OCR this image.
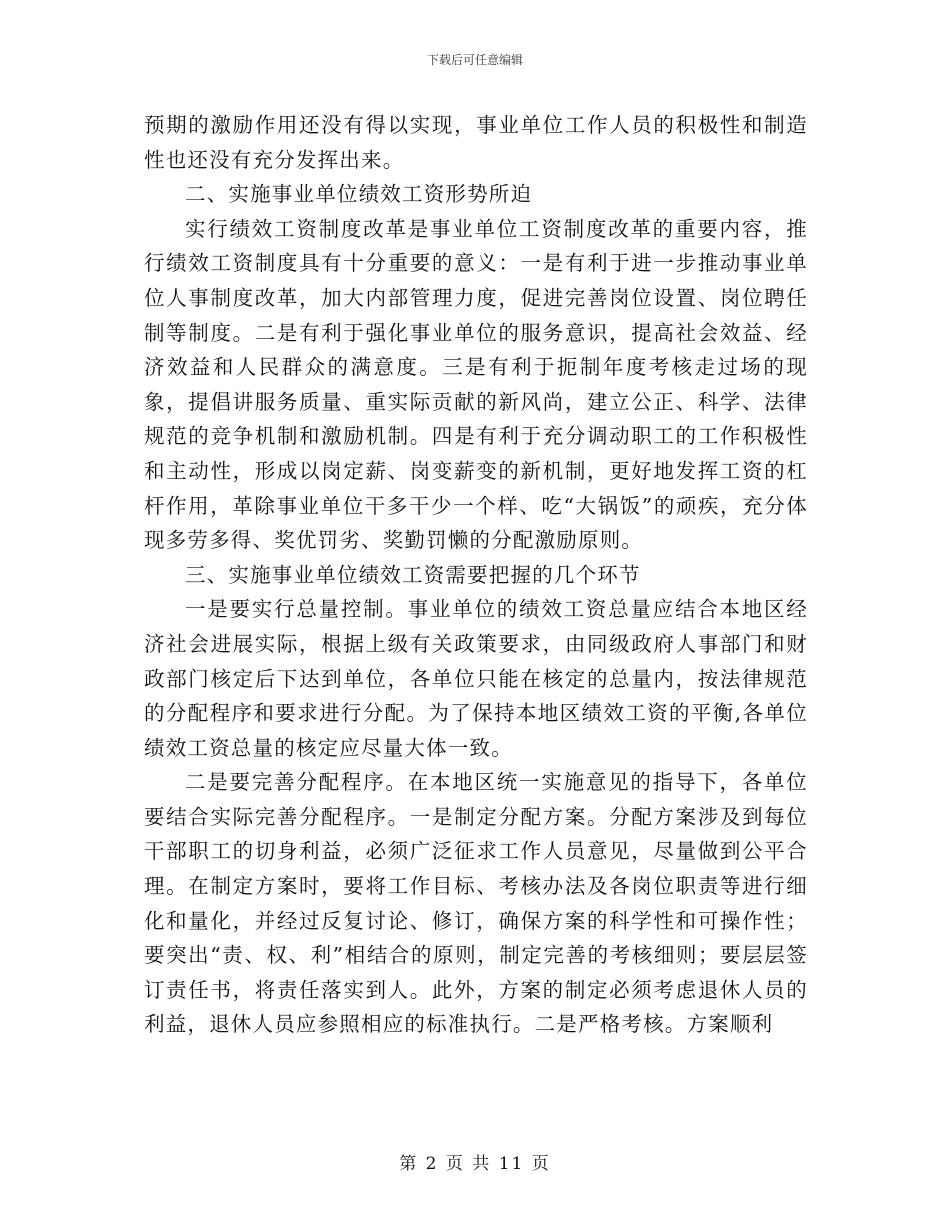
下载后可任意编辑

预期的激励作用还没有得以实现，事业单位工作人员的积极性和制造性也还没有充分发挥出来。

二、实施事业单位绩效工资形势所迫

实行绩效工资制度改革是事业单位工资制度改革的重要内容，推行绩效工资制度具有十分重要的意义：一是有利于进一步推动事业单位人事制度改革，加大内部管理力度，促进完善岗位设置、岗位聘任制等制度。二是有利于强化事业单位的服务意识，提高社会效益、经济效益和人民群众的满意度。三是有利于扼制年度考核走过场的现象，提倡讲服务质量、重实际贡献的新风尚，建立公正、科学、法律规范的竞争机制和激励机制。四是有利于充分调动职工的工作积极性和主动性，形成以岗定薪、岗变薪变的新机制，更好地发挥工资的杠杆作用，革除事业单位干多干少一个样、吃“大锅饭”的顽疾，充分体现多劳多得、奖优罚劣、奖勤罚懒的分配激励原则。

三、实施事业单位绩效工资需要把握的几个环节

一是要实行总量控制。事业单位的绩效工资总量应结合本地区经济社会进展实际，根据上级有关政策要求，由同级政府人事部门和财政部门核定后下达到单位，各单位只能在核定的总量内，按法律规范的分配程序和要求进行分配。为了保持本地区绩效工资的平衡,各单位绩效工资总量的核定应尽量大体一致。

二是要完善分配程序。在本地区统一实施意见的指导下，各单位要结合实际完善分配程序。一是制定分配方案。分配方案涉及到每位干部职工的切身利益，必须广泛征求工作人员意见，尽量做到公平合理。在制定方案时，要将工作目标、考核办法及各岗位职责等进行细化和量化，并经过反复讨论、修订，确保方案的科学性和可操作性；要突出“责、权、利”相结合的原则，制定完善的考核细则；要层层签订责任书，将责任落实到人。此外，方案的制定必须考虑退休人员的利益，退休人员应参照相应的标准执行。二是严格考核。方案顺利

第 2 页 共 11 页
